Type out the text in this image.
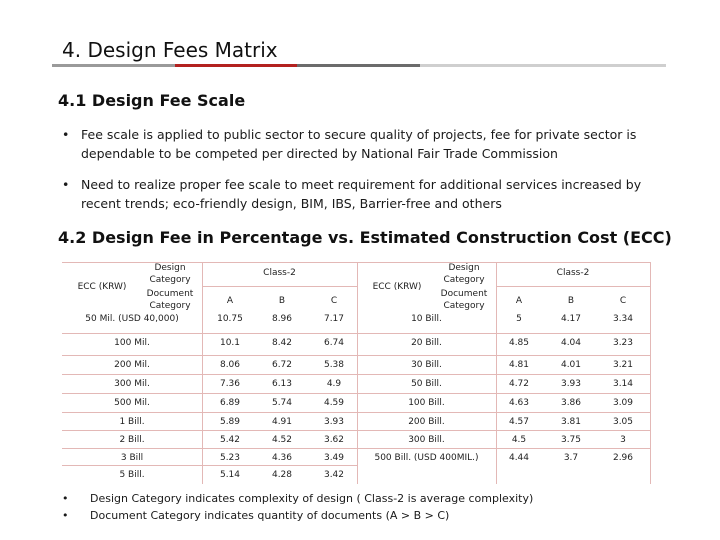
4. Design Fees Matrix
4.1 Design Fee Scale
• Fee scale is applied to public sector to secure quality of projects, fee for private sector is dependable to be competed per directed by National Fair Trade Commission
• Need to realize proper fee scale to meet requirement for additional services increased by recent trends; eco-friendly design, BIM, IBS, Barrier-free and others
4.2 Design Fee in Percentage vs. Estimated Construction Cost (ECC)
ECC (KRW)
Design Category
Document Category
Class-2
A	B	C
ECC (KRW)
Design Category
Document Category
Class-2
A	B	C
50 Mil. (USD 40,000)	10.75	8.96	7.17
100 Mil.	10.1	8.42	6.74
200 Mil.	8.06	6.72	5.38
300 Mil.	7.36	6.13	4.9
500 Mil.	6.89	5.74	4.59
1 Bill.	5.89	4.91	3.93
2 Bill.	5.42	4.52	3.62
3 Bill	5.23	4.36	3.49
5 Bill.	5.14	4.28	3.42
10 Bill.	5	4.17	3.34
20 Bill.	4.85	4.04	3.23
30 Bill.	4.81	4.01	3.21
50 Bill.	4.72	3.93	3.14
100 Bill.	4.63	3.86	3.09
200 Bill.	4.57	3.81	3.05
300 Bill.	4.5	3.75	3
500 Bill. (USD 400MIL.)	4.44	3.7	2.96
• Design Category indicates complexity of design ( Class-2 is average complexity)
• Document Category indicates quantity of documents (A > B > C)
